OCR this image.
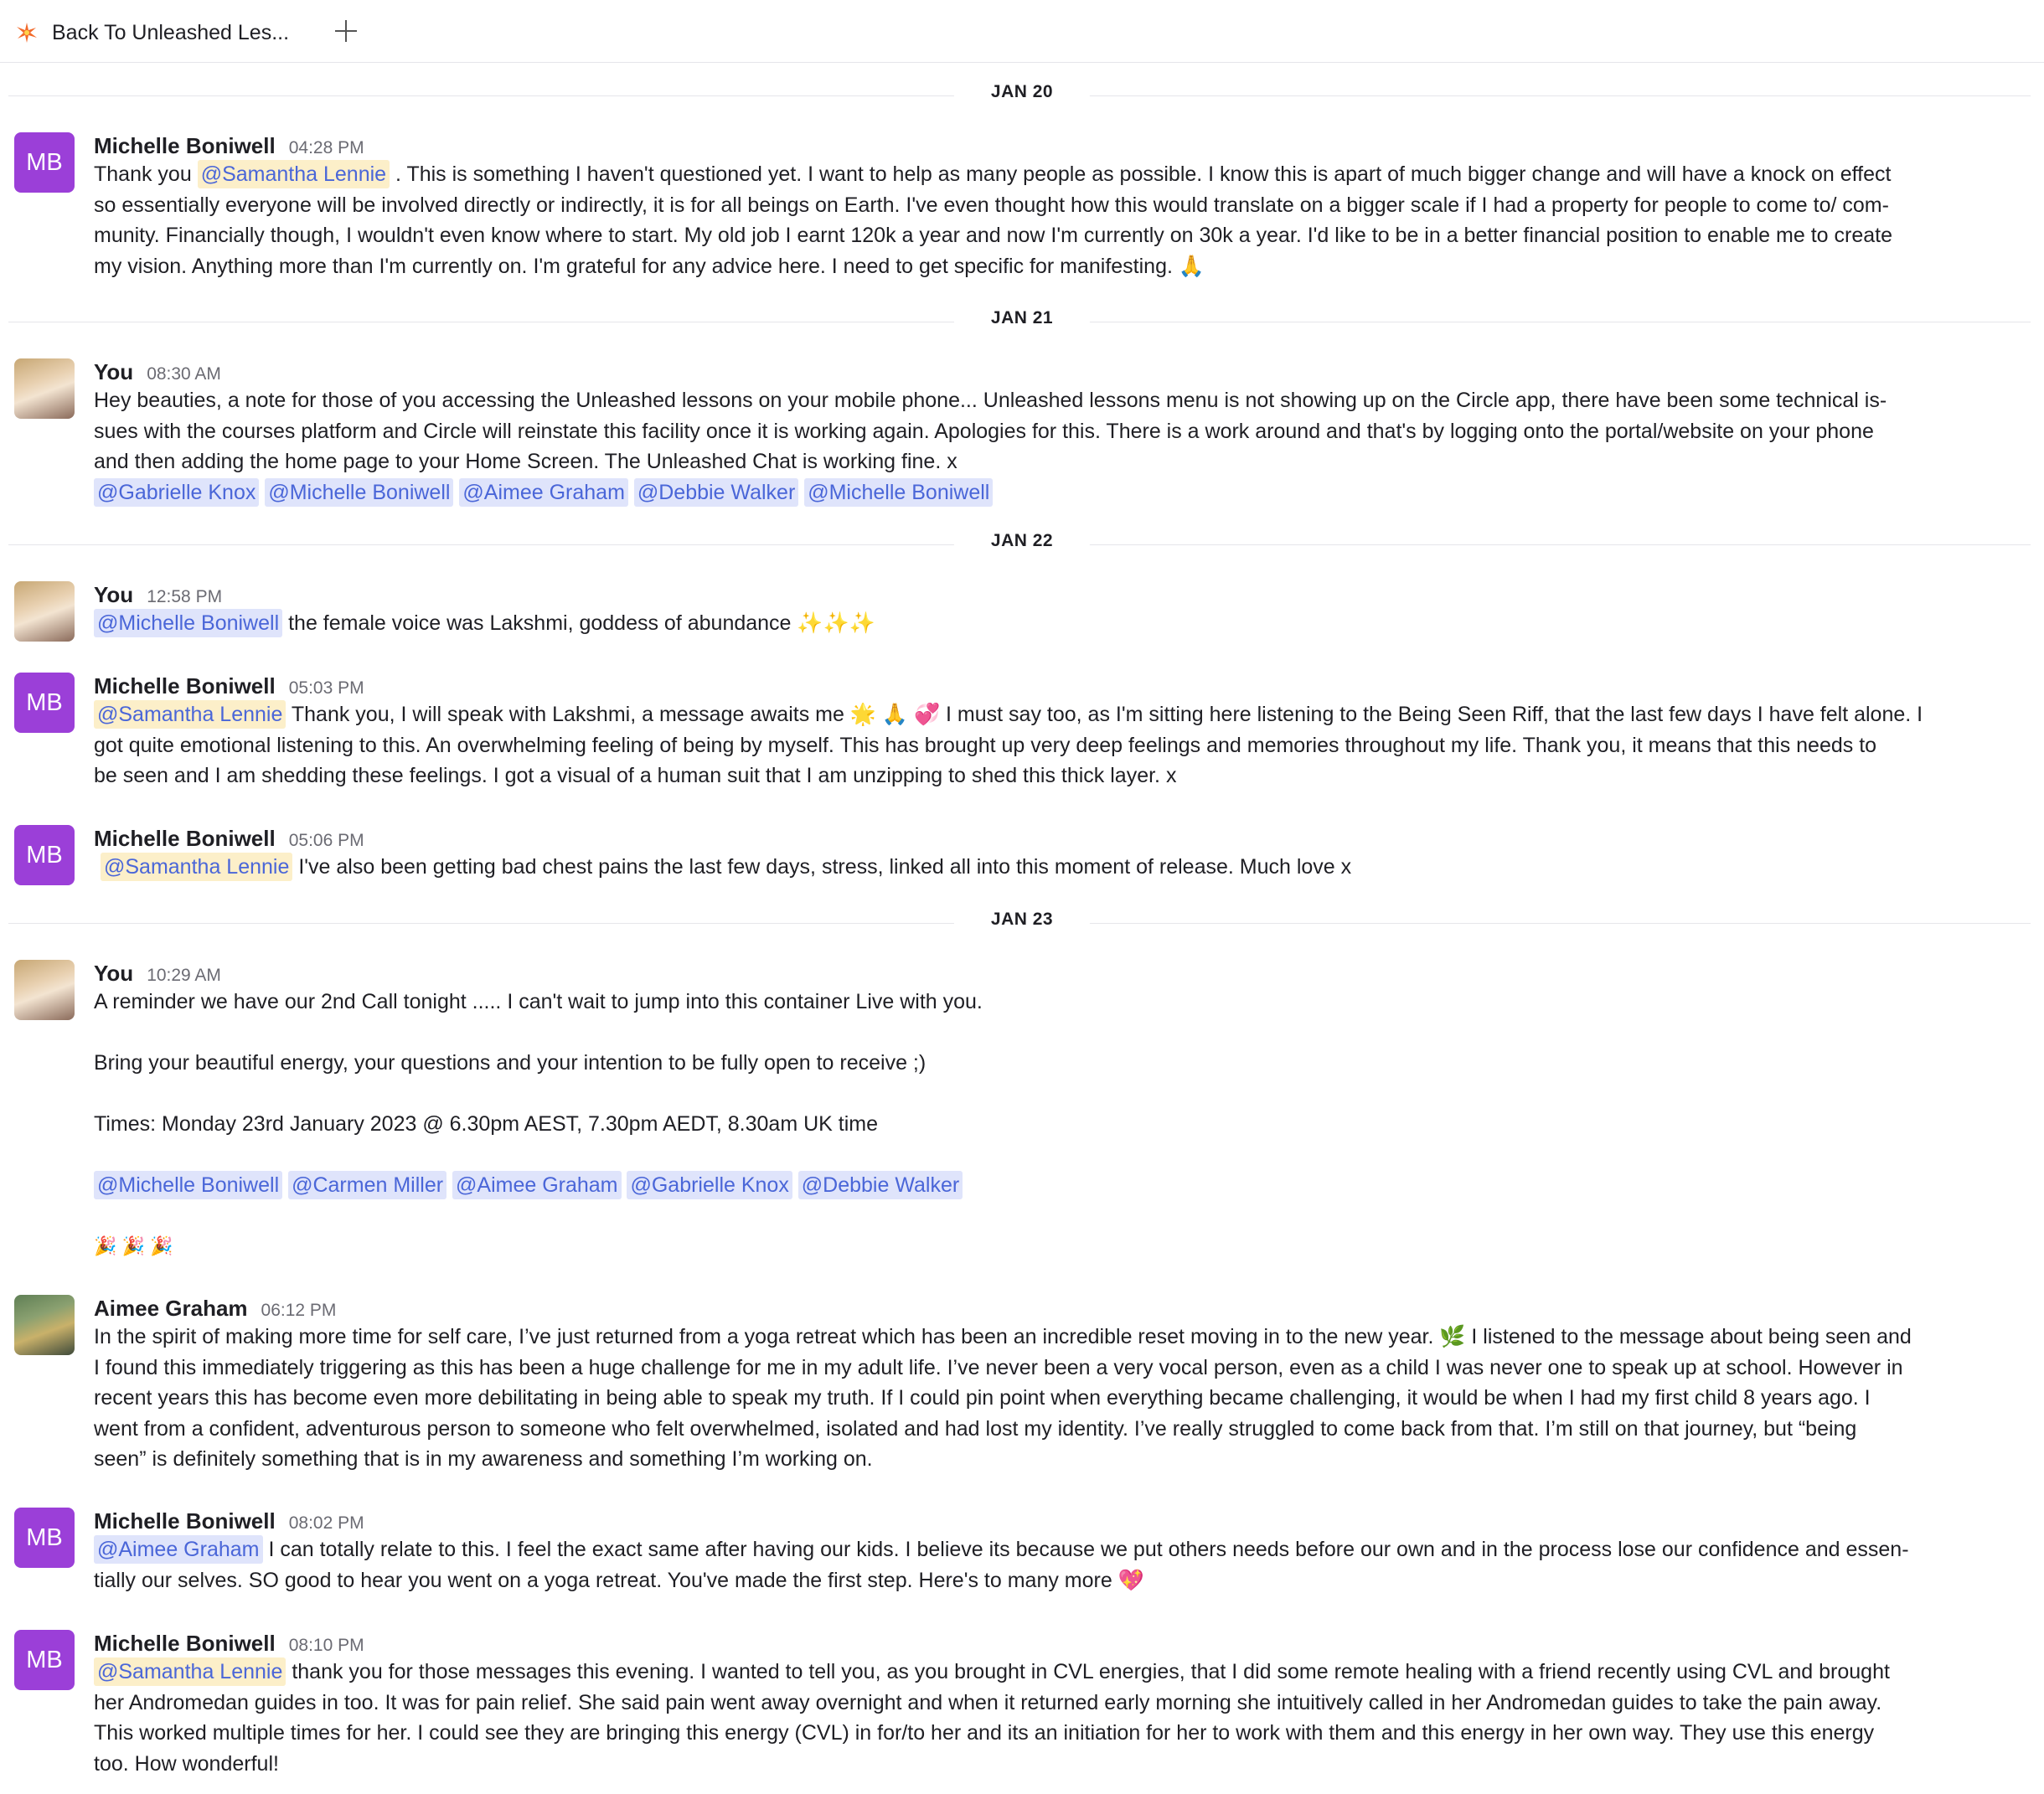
Back To Unleashed Les...
JAN 20
MB
Michelle Boniwell 04:28 PM

Thank you @Samantha Lennie . This is something I haven't questioned yet. I want to help as many people as possible. I know this is apart of much bigger change and will have a knock on effect

so essentially everyone will be involved directly or indirectly, it is for all beings on Earth. I've even thought how this would translate on a bigger scale if I had a property for people to come to/ com-

munity. Financially though, I wouldn't even know where to start. My old job I earnt 120k a year and now I'm currently on 30k a year. I'd like to be in a better financial position to enable me to create

my vision. Anything more than I'm currently on. I'm grateful for any advice here. I need to get specific for manifesting. 🙏

JAN 21
You 08:30 AM

Hey beauties, a note for those of you accessing the Unleashed lessons on your mobile phone... Unleashed lessons menu is not showing up on the Circle app, there have been some technical is-

sues with the courses platform and Circle will reinstate this facility once it is working again. Apologies for this. There is a work around and that's by logging onto the portal/website on your phone

and then adding the home page to your Home Screen. The Unleashed Chat is working fine. x

@Gabrielle Knox @Michelle Boniwell @Aimee Graham @Debbie Walker @Michelle Boniwell

JAN 22
You 12:58 PM

@Michelle Boniwell the female voice was Lakshmi, goddess of abundance ✨✨✨

MB
Michelle Boniwell 05:03 PM

@Samantha Lennie Thank you, I will speak with Lakshmi, a message awaits me 🌟 🙏 💞 I must say too, as I'm sitting here listening to the Being Seen Riff, that the last few days I have felt alone. I

got quite emotional listening to this. An overwhelming feeling of being by myself. This has brought up very deep feelings and memories throughout my life. Thank you, it means that this needs to

be seen and I am shedding these feelings. I got a visual of a human suit that I am unzipping to shed this thick layer. x

MB
Michelle Boniwell 05:06 PM

@Samantha Lennie I've also been getting bad chest pains the last few days, stress, linked all into this moment of release. Much love x

JAN 23
You 10:29 AM

A reminder we have our 2nd Call tonight ..... I can't wait to jump into this container Live with you.

Bring your beautiful energy, your questions and your intention to be fully open to receive ;)

Times: Monday 23rd January 2023 @ 6.30pm AEST, 7.30pm AEDT, 8.30am UK time

@Michelle Boniwell @Carmen Miller @Aimee Graham @Gabrielle Knox @Debbie Walker

🎉 🎉 🎉

Aimee Graham 06:12 PM

In the spirit of making more time for self care, I’ve just returned from a yoga retreat which has been an incredible reset moving in to the new year. 🌿 I listened to the message about being seen and

I found this immediately triggering as this has been a huge challenge for me in my adult life. I’ve never been a very vocal person, even as a child I was never one to speak up at school. However in

recent years this has become even more debilitating in being able to speak my truth. If I could pin point when everything became challenging, it would be when I had my first child 8 years ago. I

went from a confident, adventurous person to someone who felt overwhelmed, isolated and had lost my identity. I’ve really struggled to come back from that. I’m still on that journey, but “being

seen” is definitely something that is in my awareness and something I’m working on.

MB
Michelle Boniwell 08:02 PM

@Aimee Graham I can totally relate to this. I feel the exact same after having our kids. I believe its because we put others needs before our own and in the process lose our confidence and essen-

tially our selves. SO good to hear you went on a yoga retreat. You've made the first step. Here's to many more 💖

MB
Michelle Boniwell 08:10 PM

@Samantha Lennie thank you for those messages this evening. I wanted to tell you, as you brought in CVL energies, that I did some remote healing with a friend recently using CVL and brought

her Andromedan guides in too. It was for pain relief. She said pain went away overnight and when it returned early morning she intuitively called in her Andromedan guides to take the pain away.

This worked multiple times for her. I could see they are bringing this energy (CVL) in for/to her and its an initiation for her to work with them and this energy in her own way. They use this energy

too. How wonderful!
